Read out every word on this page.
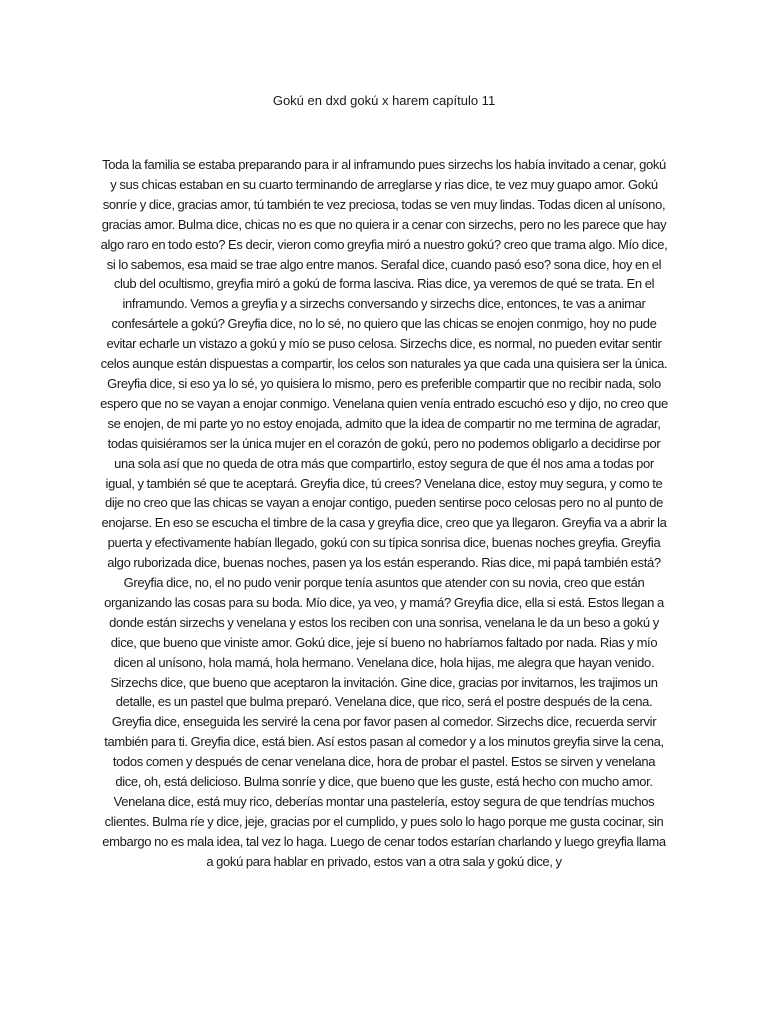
Gokú en dxd gokú x harem capítulo 11

Toda la familia se estaba preparando para ir al inframundo pues sirzechs los había invitado a cenar, gokú y sus chicas estaban en su cuarto terminando de arreglarse y rias dice, te vez muy guapo amor. Gokú sonríe y dice, gracias amor, tú también te vez preciosa, todas se ven muy lindas. Todas dicen al unísono, gracias amor. Bulma dice, chicas no es que no quiera ir a cenar con sirzechs, pero no les parece que hay algo raro en todo esto? Es decir, vieron como greyfia miró a nuestro gokú? creo que trama algo. Mío dice, si lo sabemos, esa maid se trae algo entre manos. Serafal dice, cuando pasó eso? sona dice, hoy en el club del ocultismo, greyfia miró a gokú de forma lasciva. Rias dice, ya veremos de qué se trata. En el inframundo. Vemos a greyfia y a sirzechs conversando y sirzechs dice, entonces, te vas a animar confesártele a gokú? Greyfia dice, no lo sé, no quiero que las chicas se enojen conmigo, hoy no pude evitar echarle un vistazo a gokú y mío se puso celosa. Sirzechs dice, es normal, no pueden evitar sentir celos aunque están dispuestas a compartir, los celos son naturales ya que cada una quisiera ser la única. Greyfia dice, si eso ya lo sé, yo quisiera lo mismo, pero es preferible compartir que no recibir nada, solo espero que no se vayan a enojar conmigo. Venelana quien venía entrado escuchó eso y dijo, no creo que se enojen, de mi parte yo no estoy enojada, admito que la idea de compartir no me termina de agradar, todas quisiéramos ser la única mujer en el corazón de gokú, pero no podemos obligarlo a decidirse por una sola así que no queda de otra más que compartirlo, estoy segura de que él nos ama a todas por igual, y también sé que te aceptará. Greyfia dice, tú crees? Venelana dice, estoy muy segura, y como te dije no creo que las chicas se vayan a enojar contigo, pueden sentirse poco celosas pero no al punto de enojarse. En eso se escucha el timbre de la casa y greyfia dice, creo que ya llegaron. Greyfia va a abrir la puerta y efectivamente habían llegado, gokú con su típica sonrisa dice, buenas noches greyfia. Greyfia algo ruborizada dice, buenas noches, pasen ya los están esperando. Rias dice, mi papá también está? Greyfia dice, no, el no pudo venir porque tenía asuntos que atender con su novia, creo que están organizando las cosas para su boda. Mío dice, ya veo, y mamá? Greyfia dice, ella si está. Estos llegan a donde están sirzechs y venelana y estos los reciben con una sonrisa, venelana le da un beso a gokú y dice, que bueno que viniste amor. Gokú dice, jeje sí bueno no habríamos faltado por nada. Rias y mío dicen al unísono, hola mamá, hola hermano. Venelana dice, hola hijas, me alegra que hayan venido. Sirzechs dice, que bueno que aceptaron la invitación. Gine dice, gracias por invitarnos, les trajimos un detalle, es un pastel que bulma preparó. Venelana dice, que rico, será el postre después de la cena. Greyfia dice, enseguida les serviré la cena por favor pasen al comedor. Sirzechs dice, recuerda servir también para ti. Greyfia dice, está bien. Así estos pasan al comedor y a los minutos greyfia sirve la cena, todos comen y después de cenar venelana dice, hora de probar el pastel. Estos se sirven y venelana dice, oh, está delicioso. Bulma sonríe y dice, que bueno que les guste, está hecho con mucho amor. Venelana dice, está muy rico, deberías montar una pastelería, estoy segura de que tendrías muchos clientes. Bulma ríe y dice, jeje, gracias por el cumplido, y pues solo lo hago porque me gusta cocinar, sin embargo no es mala idea, tal vez lo haga. Luego de cenar todos estarían charlando y luego greyfia llama a gokú para hablar en privado, estos van a otra sala y gokú dice, y
